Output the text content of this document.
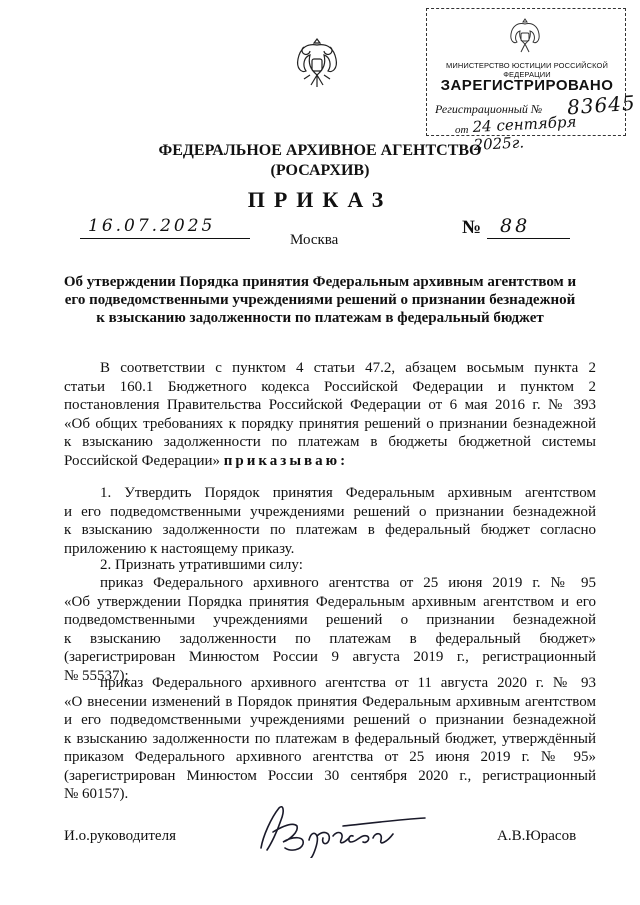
МИНИСТЕРСТВО ЮСТИЦИИ РОССИЙСКОЙ ФЕДЕРАЦИИ
ЗАРЕГИСТРИРОВАНО
Регистрационный № 83645
от 24 сентября 2025г.
ФЕДЕРАЛЬНОЕ АРХИВНОЕ АГЕНТСТВО
(РОСАРХИВ)
ПРИКАЗ
16.07.2025
Москва
№ 88
Об утверждении Порядка принятия Федеральным архивным агентством и
его подведомственными учреждениями решений о признании безнадежной
к взысканию задолженности по платежам в федеральный бюджет
В соответствии с пунктом 4 статьи 47.2, абзацем восьмым пункта 2
статьи 160.1 Бюджетного кодекса Российской Федерации и пунктом 2
постановления Правительства Российской Федерации от 6 мая 2016 г. № 393
«Об общих требованиях к порядку принятия решений о признании безнадежной
к взысканию задолженности по платежам в бюджеты бюджетной системы
Российской Федерации» приказываю:
1. Утвердить Порядок принятия Федеральным архивным агентством
и его подведомственными учреждениями решений о признании безнадежной
к взысканию задолженности по платежам в федеральный бюджет согласно
приложению к настоящему приказу.
2. Признать утратившими силу:
приказ Федерального архивного агентства от 25 июня 2019 г. № 95
«Об утверждении Порядка принятия Федеральным архивным агентством и его
подведомственными учреждениями решений о признании безнадежной
к взысканию задолженности по платежам в федеральный бюджет»
(зарегистрирован Минюстом России 9 августа 2019 г., регистрационный
№ 55537);
приказ Федерального архивного агентства от 11 августа 2020 г. № 93
«О внесении изменений в Порядок принятия Федеральным архивным агентством
и его подведомственными учреждениями решений о признании безнадежной
к взысканию задолженности по платежам в федеральный бюджет, утверждённый
приказом Федерального архивного агентства от 25 июня 2019 г. № 95»
(зарегистрирован Минюстом России 30 сентября 2020 г., регистрационный
№ 60157).
И.о.руководителя	А.В.Юрасов
